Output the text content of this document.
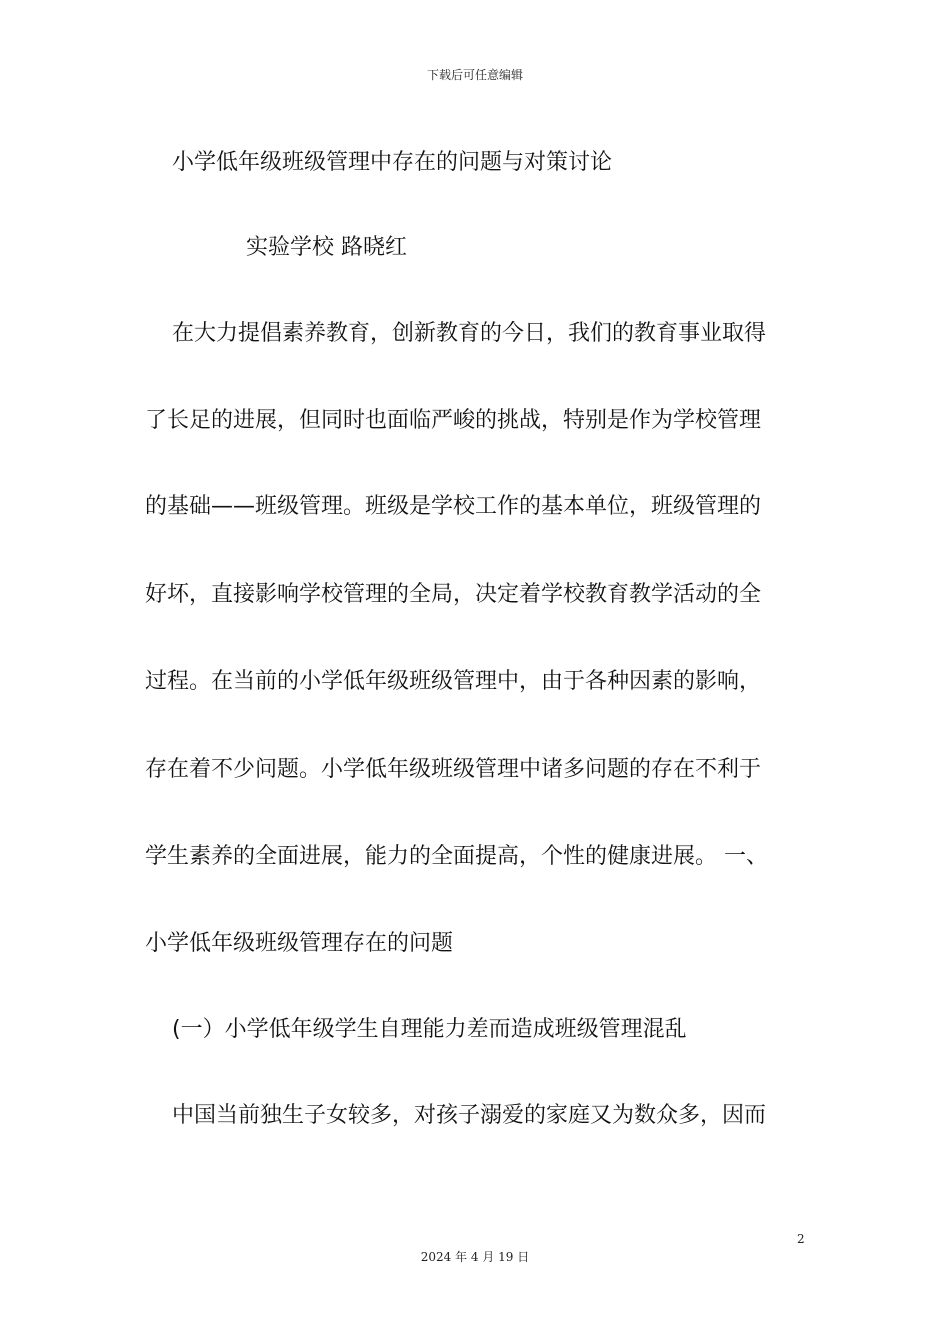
下载后可任意编辑
小学低年级班级管理中存在的问题与对策讨论
实验学校 路晓红
在大力提倡素养教育，创新教育的今日，我们的教育事业取得
了长足的进展，但同时也面临严峻的挑战，特别是作为学校管理
的基础——班级管理。班级是学校工作的基本单位，班级管理的
好坏，直接影响学校管理的全局，决定着学校教育教学活动的全
过程。在当前的小学低年级班级管理中，由于各种因素的影响，
存在着不少问题。小学低年级班级管理中诸多问题的存在不利于
学生素养的全面进展，能力的全面提高，个性的健康进展。 一、
小学低年级班级管理存在的问题
(一）小学低年级学生自理能力差而造成班级管理混乱
中国当前独生子女较多，对孩子溺爱的家庭又为数众多，因而
2
2024 年 4 月 19 日
